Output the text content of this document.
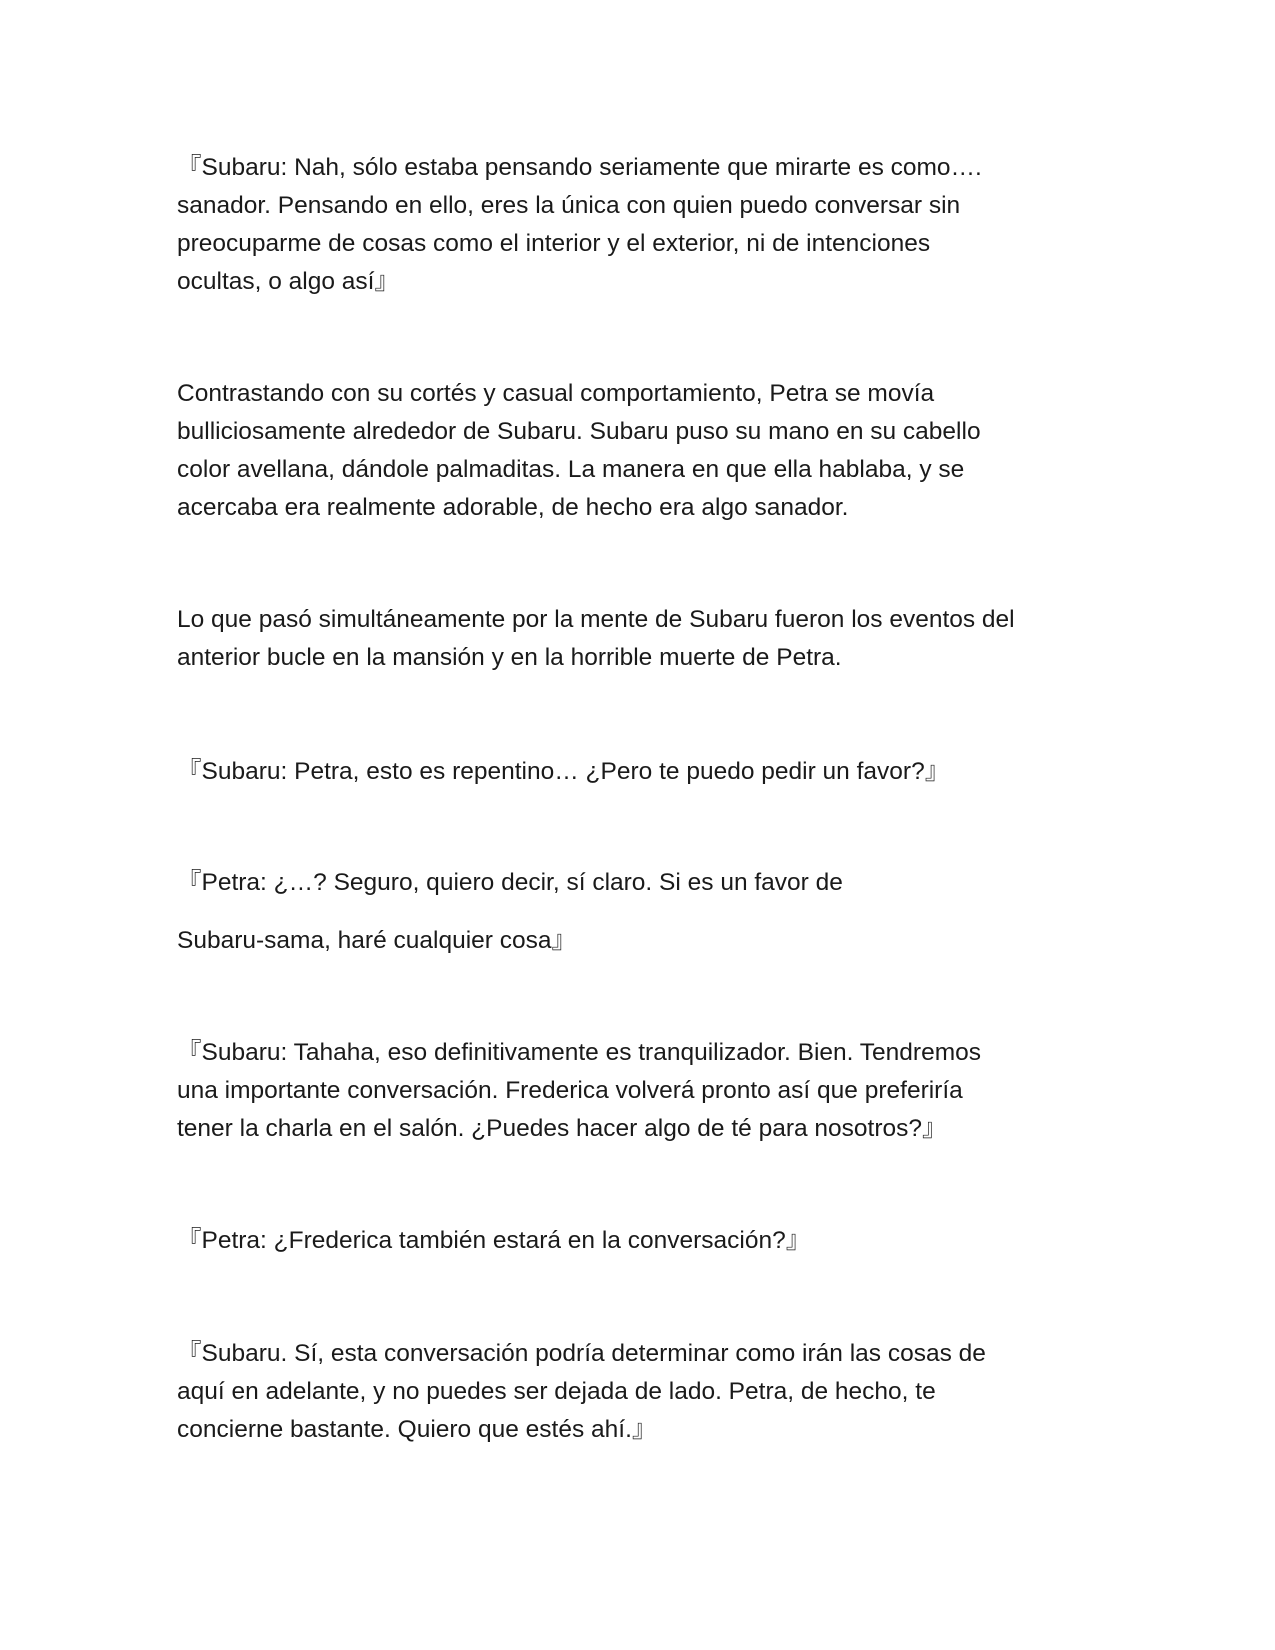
『Subaru: Nah, sólo estaba pensando seriamente que mirarte es como….
sanador. Pensando en ello, eres la única con quien puedo conversar sin
preocuparme de cosas como el interior y el exterior, ni de intenciones
ocultas, o algo así』
Contrastando con su cortés y casual comportamiento, Petra se movía
bulliciosamente alrededor de Subaru. Subaru puso su mano en su cabello
color avellana, dándole palmaditas. La manera en que ella hablaba, y se
acercaba era realmente adorable, de hecho era algo sanador.
Lo que pasó simultáneamente por la mente de Subaru fueron los eventos del
anterior bucle en la mansión y en la horrible muerte de Petra.
『Subaru: Petra, esto es repentino… ¿Pero te puedo pedir un favor?』
『Petra: ¿…? Seguro, quiero decir, sí claro. Si es un favor de
Subaru-sama, haré cualquier cosa』
『Subaru: Tahaha, eso definitivamente es tranquilizador. Bien. Tendremos
una importante conversación. Frederica volverá pronto así que preferiría
tener la charla en el salón. ¿Puedes hacer algo de té para nosotros?』
『Petra: ¿Frederica también estará en la conversación?』
『Subaru. Sí, esta conversación podría determinar como irán las cosas de
aquí en adelante, y no puedes ser dejada de lado. Petra, de hecho, te
concierne bastante. Quiero que estés ahí.』
